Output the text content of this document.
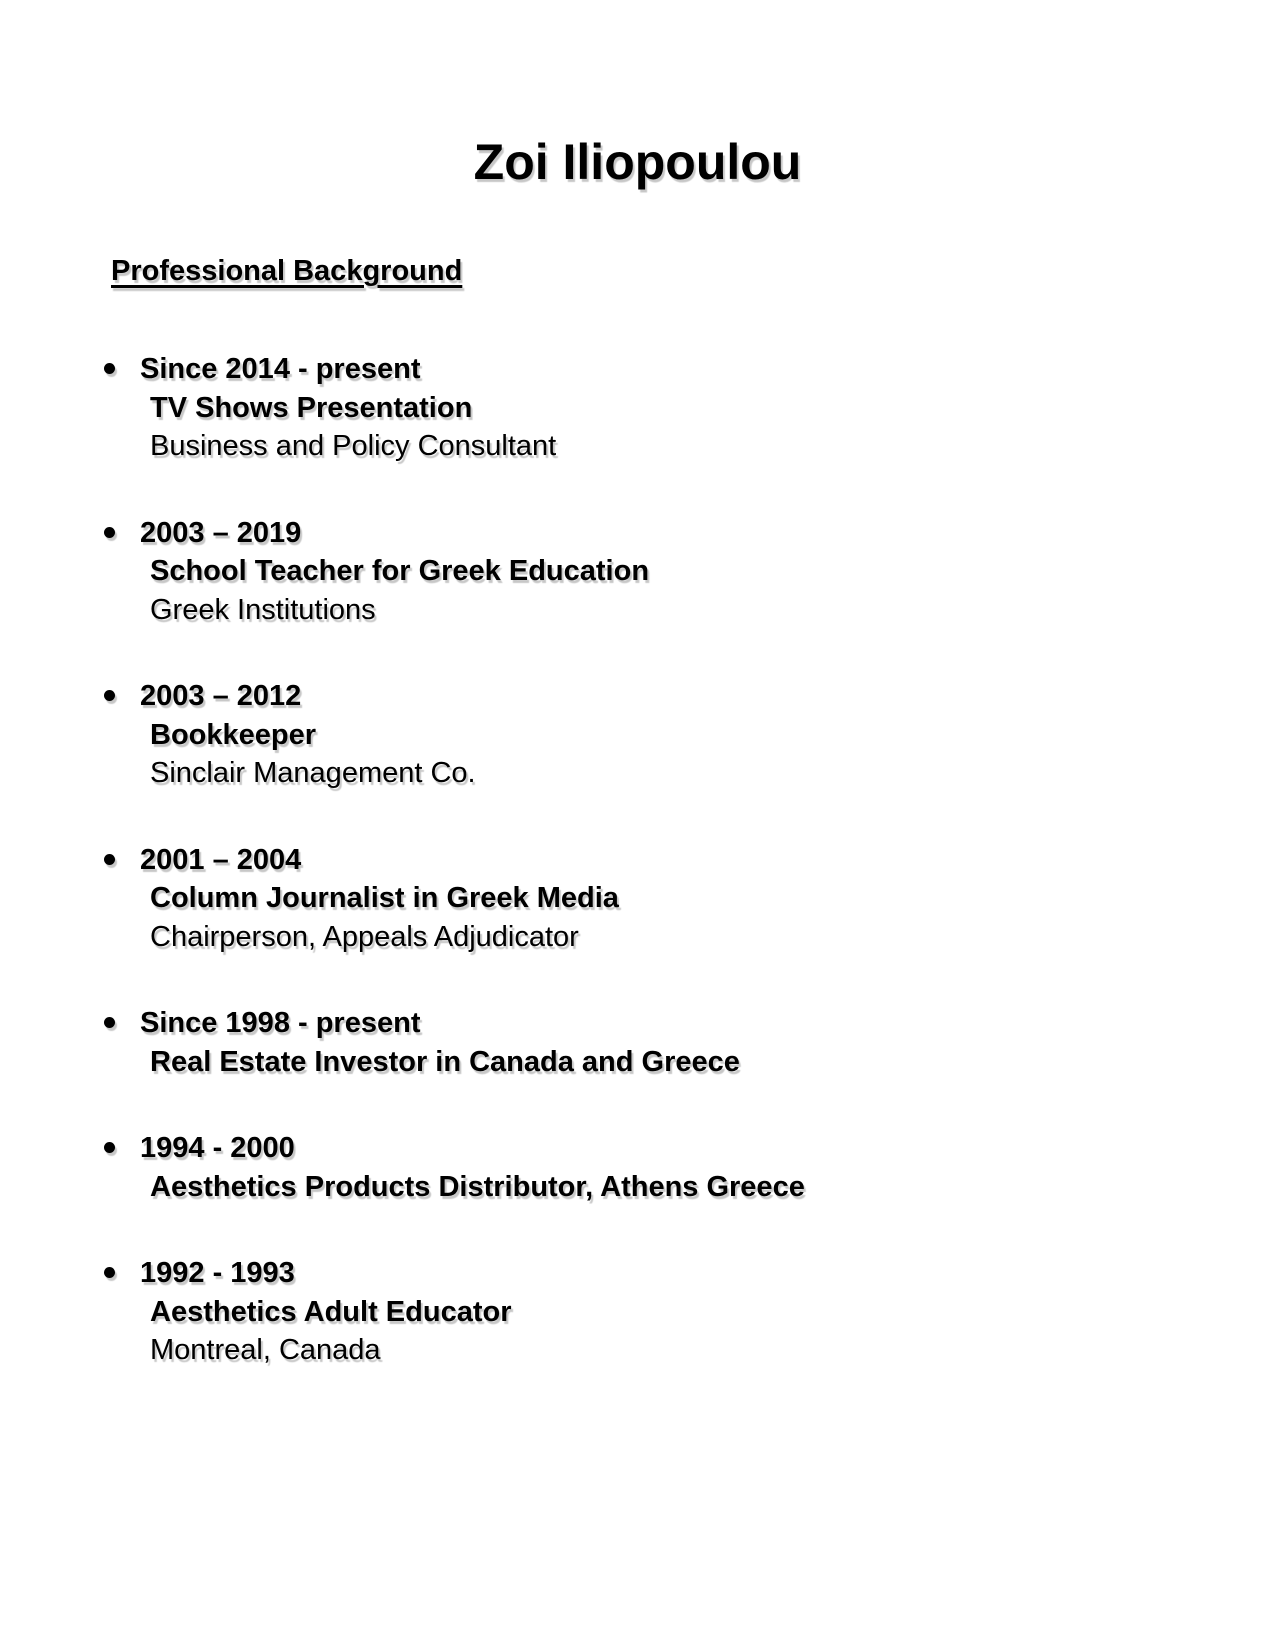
Zoi Iliopoulou
Professional Background
Since 2014 - present
TV Shows Presentation
Business and Policy Consultant
2003 – 2019
School Teacher for Greek Education
Greek Institutions
2003 – 2012
Bookkeeper
Sinclair Management Co.
2001 – 2004
Column Journalist in Greek Media
Chairperson, Appeals Adjudicator
Since 1998 - present
Real Estate Investor in Canada and Greece
1994 - 2000
Aesthetics Products Distributor, Athens Greece
1992 - 1993
Aesthetics Adult Educator
Montreal, Canada
